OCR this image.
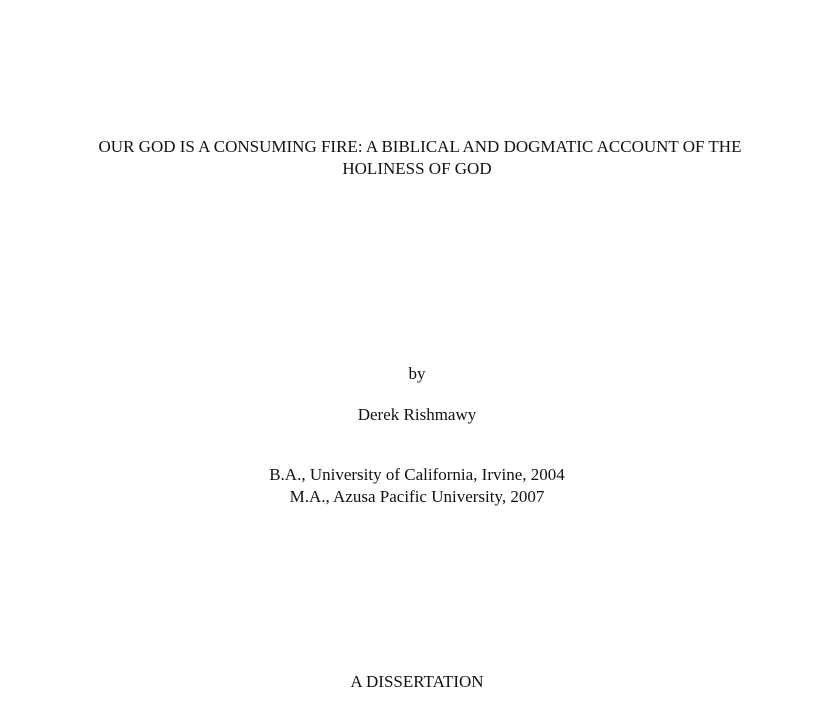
OUR GOD IS A CONSUMING FIRE: A BIBLICAL AND DOGMATIC ACCOUNT OF THE
HOLINESS OF GOD
by
Derek Rishmawy
B.A., University of California, Irvine, 2004
M.A., Azusa Pacific University, 2007
A DISSERTATION
